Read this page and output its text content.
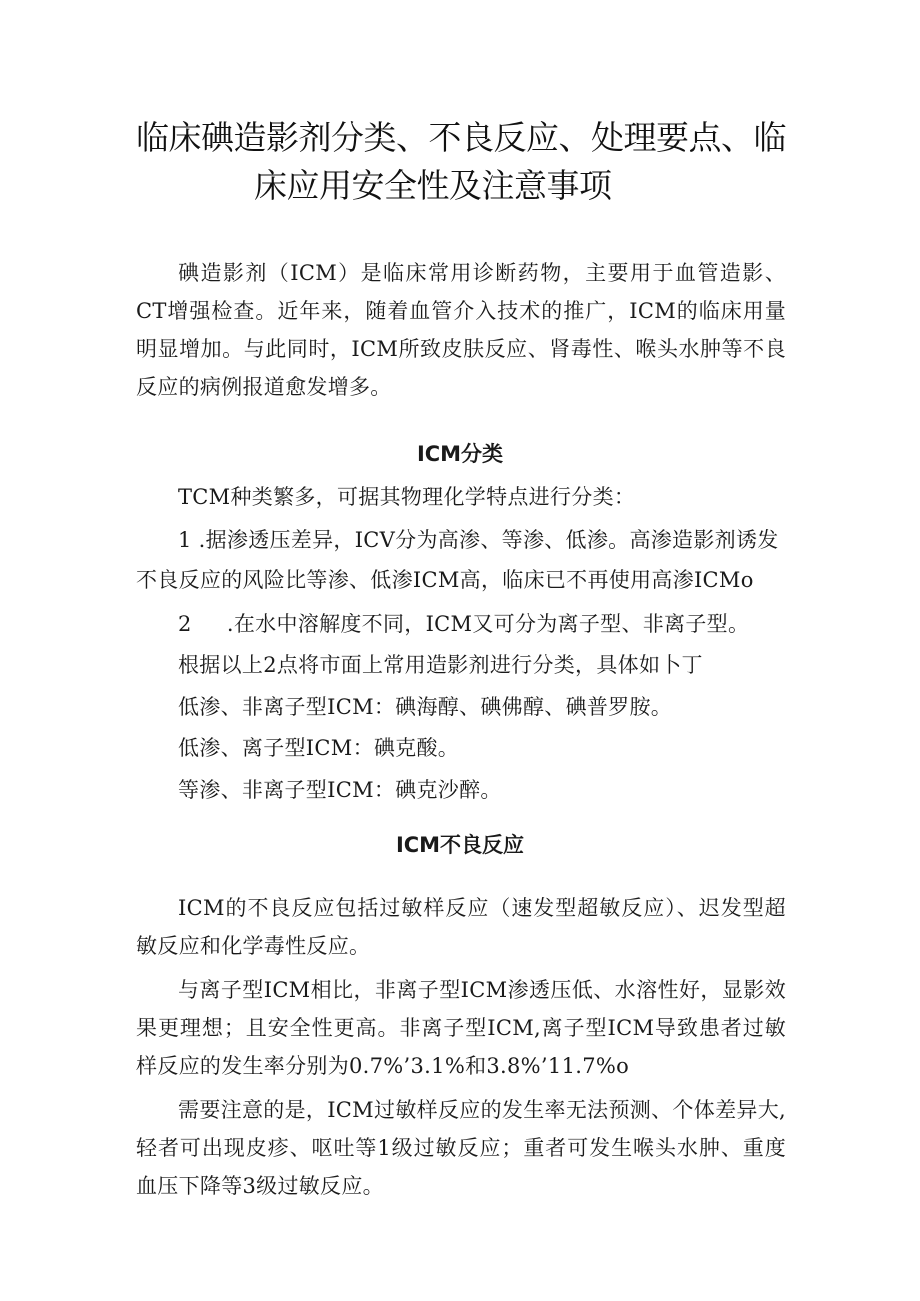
临床碘造影剂分类、不良反应、处理要点、临
床应用安全性及注意事项

碘造影剂（ICM）是临床常用诊断药物，主要用于血管造影、CT增强检查。近年来，随着血管介入技术的推广，ICM的临床用量明显增加。与此同时，ICM所致皮肤反应、肾毒性、喉头水肿等不良反应的病例报道愈发增多。

ICM分类

TCM种类繁多，可据其物理化学特点进行分类：

1 .据渗透压差异，ICV分为高渗、等渗、低渗。高渗造影剂诱发

不良反应的风险比等渗、低渗ICM高，临床已不再使用高渗ICMo

2 　 .在水中溶解度不同，ICM又可分为离子型、非离子型。

根据以上2点将市面上常用造影剂进行分类，具体如卜丁

低渗、非离子型ICM：碘海醇、碘佛醇、碘普罗胺。

低渗、离子型ICM：碘克酸。

等渗、非离子型ICM：碘克沙醉。

ICM不良反应

ICM的不良反应包括过敏样反应（速发型超敏反应）、迟发型超敏反应和化学毒性反应。

与离子型ICM相比，非离子型ICM渗透压低、水溶性好，显影效果更理想；且安全性更高。非离子型ICM,离子型ICM导致患者过敏样反应的发生率分别为0.7%’3.1%和3.8%’11.7%o

需要注意的是，ICM过敏样反应的发生率无法预测、个体差异大,轻者可出现皮疹、呕吐等1级过敏反应；重者可发生喉头水肿、重度血压下降等3级过敏反应。
